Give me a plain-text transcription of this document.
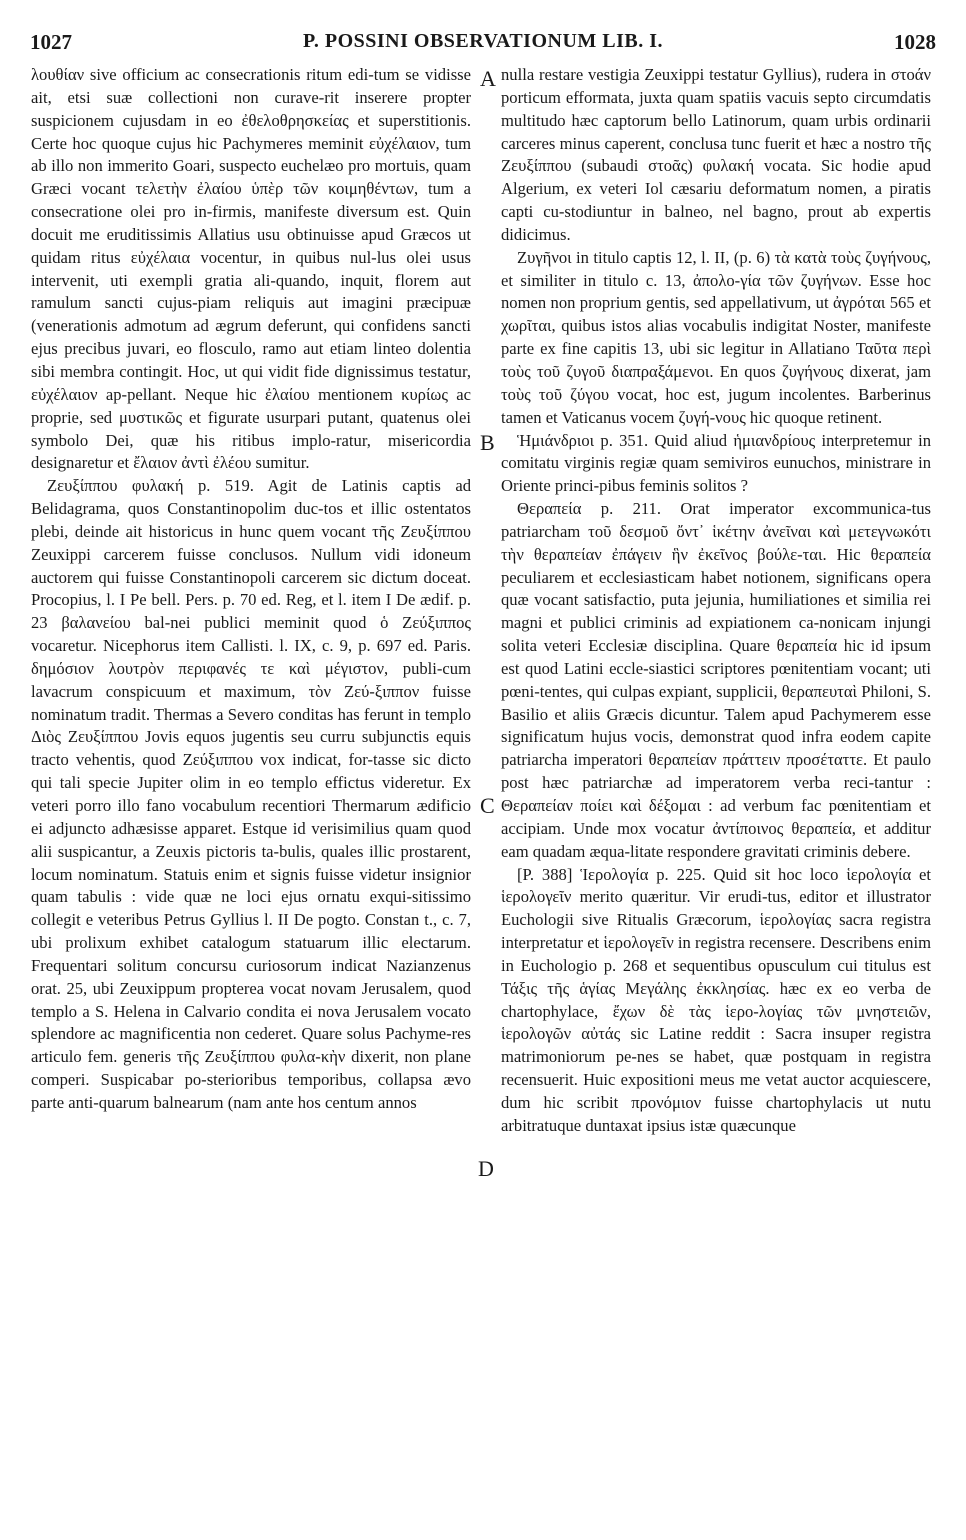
1027	P. POSSINI OBSERVATIONUM LIB. I.	1028

λουθίαν sive officium ac consecrationis ritum edi-tum se vidisse ait, etsi suæ collectioni non curave-rit inserere propter suspicionem cujusdam in eo ἐθελοθρησκείας et superstitionis. Certe hoc quoque cujus hic Pachymeres meminit εὐχέλαιον, tum ab illo non immerito Goari, suspecto euchelæo pro mortuis, quam Græci vocant τελετὴν ἐλαίου ὑπὲρ τῶν κοιμηθέντων, tum a consecratione olei pro in-firmis, manifeste diversum est. Quin docuit me eruditissimis Allatius usu obtinuisse apud Græcos ut quidam ritus εὐχέλαια vocentur, in quibus nul-lus olei usus intervenit, uti exempli gratia ali-quando, inquit, florem aut ramulum sancti cujus-piam reliquis aut imagini præcipuæ (venerationis admotum ad ægrum deferunt, qui confidens sancti ejus precibus juvari, eo flosculo, ramo aut etiam linteo dolentia sibi membra contingit. Hoc, ut qui vidit fide dignissimus testatur, εὐχέλαιον ap-pellant. Neque hic ἐλαίου mentionem κυρίως ac proprie, sed μυστικῶς et figurate usurpari putant, quatenus olei symbolo Dei, quæ his ritibus implo-ratur, misericordia designaretur et ἔλαιον ἀντὶ ἐλέου sumitur.

Ζευξίππου φυλακή p. 519. Agit de Latinis captis ad Belidagrama, quos Constantinopolim duc-tos et illic ostentatos plebi, deinde ait historicus in hunc quem vocant τῆς Ζευξίππου Zeuxippi carcerem fuisse conclusos. Nullum vidi idoneum auctorem qui fuisse Constantinopoli carcerem sic dictum doceat. Procopius, l. I Pe bell. Pers. p. 70 ed. Reg, et l. item I De ædif. p. 23 βαλανείου bal-nei publici meminit quod ὁ Ζεύξιππος vocaretur. Nicephorus item Callisti. l. IX, c. 9, p. 697 ed. Paris. δημόσιον λουτρὸν περιφανές τε καὶ μέγιστον, publi-cum lavacrum conspicuum et maximum, τὸν Ζεύ-ξιππον fuisse nominatum tradit. Thermas a Severo conditas has ferunt in templo Διὸς Ζευξίππου Jovis equos jugentis seu curru subjunctis equis tracto vehentis, quod Ζεύξιππου vox indicat, for-tasse sic dicto qui tali specie Jupiter olim in eo templo effictus videretur. Ex veteri porro illo fano vocabulum recentiori Thermarum ædificio ei adjuncto adhæsisse apparet. Estque id verisimilius quam quod alii suspicantur, a Zeuxis pictoris ta-bulis, quales illic prostarent, locum nominatum. Statuis enim et signis fuisse videtur insignior quam tabulis : vide quæ ne loci ejus ornatu exqui-sitissimo collegit e veteribus Petrus Gyllius l. II De pogto. Constan t., c. 7, ubi prolixum exhibet catalogum statuarum illic electarum. Frequentari solitum concursu curiosorum indicat Nazianzenus orat. 25, ubi Zeuxippum propterea vocat novam Jerusalem, quod templo a S. Helena in Calvario condita ei nova Jerusalem vocato splendore ac magnificentia non cederet. Quare solus Pachyme-res articulo fem. generis τῆς Ζευξίππου φυλα-κὴν dixerit, non plane comperi. Suspicabar po-sterioribus temporibus, collapsa ævo parte anti-quarum balnearum (nam ante hos centum annos

nulla restare vestigia Zeuxippi testatur Gyllius), rudera in στοάν porticum efformata, juxta quam spatiis vacuis septo circumdatis multitudo hæc captorum bello Latinorum, quam urbis ordinarii carceres minus caperent, conclusa tunc fuerit et hæc a nostro τῆς Ζευξίππου (subaudi στοᾶς) φυλακή vocata. Sic hodie apud Algerium, ex veteri Iol cæsariu deformatum nomen, a piratis capti cu-stodiuntur in balneo, nel bagno, prout ab expertis didicimus.

Ζυγῆνοι in titulo captis 12, l. II, (p. 6) τὰ κατὰ τοὺς ζυγήνους, et similiter in titulo c. 13, ἀπολο-γία τῶν ζυγήνων. Esse hoc nomen non proprium gentis, sed appellativum, ut ἀγρόται 565 et χωρῖται, quibus istos alias vocabulis indigitat Noster, manifeste parte ex fine capitis 13, ubi sic legitur in Allatiano Ταῦτα περὶ τοὺς τοῦ ζυγοῦ διαπραξάμενοι. En quos ζυγήνους dixerat, jam τοὺς τοῦ ζύγου vocat, hoc est, jugum incolentes. Barberinus tamen et Vaticanus vocem ζυγή-νους hic quoque retinent.

Ἡμιάνδριοι p. 351. Quid aliud ἡμιανδρίους interpretemur in comitatu virginis regiæ quam semiviros eunuchos, ministrare in Oriente princi-pibus feminis solitos ?

Θεραπεία p. 211. Orat imperator excommunica-tus patriarcham τοῦ δεσμοῦ ὄντ᾽ ἱκέτην ἀνεῖναι καὶ μετεγνωκότι τὴν θεραπείαν ἐπάγειν ἣν ἐκεῖνος βούλε-ται. Hic θεραπεία peculiarem et ecclesiasticam habet notionem, significans opera quæ vocant satisfactio, puta jejunia, humiliationes et similia rei magni et publici criminis ad expiationem ca-nonicam injungi solita veteri Ecclesiæ disciplina. Quare θεραπεία hic id ipsum est quod Latini eccle-siastici scriptores pœnitentiam vocant; uti pœni-tentes, qui culpas expiant, supplicii, θεραπευταὶ Philoni, S. Basilio et aliis Græcis dicuntur. Talem apud Pachymerem esse significatum hujus vocis, demonstrat quod infra eodem capite patriarcha imperatori θεραπείαν πράττειν προσέταττε. Et paulo post hæc patriarchæ ad imperatorem verba reci-tantur : Θεραπείαν ποίει καὶ δέξομαι : ad verbum fac pœnitentiam et accipiam. Unde mox vocatur ἀντίποινος θεραπεία, et additur eam quadam æqua-litate respondere gravitati criminis debere.

[P. 388] Ἱερολογία p. 225. Quid sit hoc loco ἱερολογία et ἱερολογεῖν merito quæritur. Vir erudi-tus, editor et illustrator Euchologii sive Ritualis Græcorum, ἱερολογίας sacra registra interpretatur et ἱερολογεῖν in registra recensere. Describens enim in Euchologio p. 268 et sequentibus opusculum cui titulus est Τάξις τῆς ἁγίας Μεγάλης ἐκκλησίας. hæc ex eo verba de chartophylace, ἔχων δὲ τὰς ἱερο-λογίας τῶν μνηστειῶν, ἱερολογῶν αὐτάς sic Latine reddit : Sacra insuper registra matrimoniorum pe-nes se habet, quæ postquam in registra recensuerit. Huic expositioni meus me vetat auctor acquiescere, dum hic scribit προνόμιον fuisse chartophylacis ut nutu arbitratuque duntaxat ipsius istæ quæcunque

A
B
C
D
